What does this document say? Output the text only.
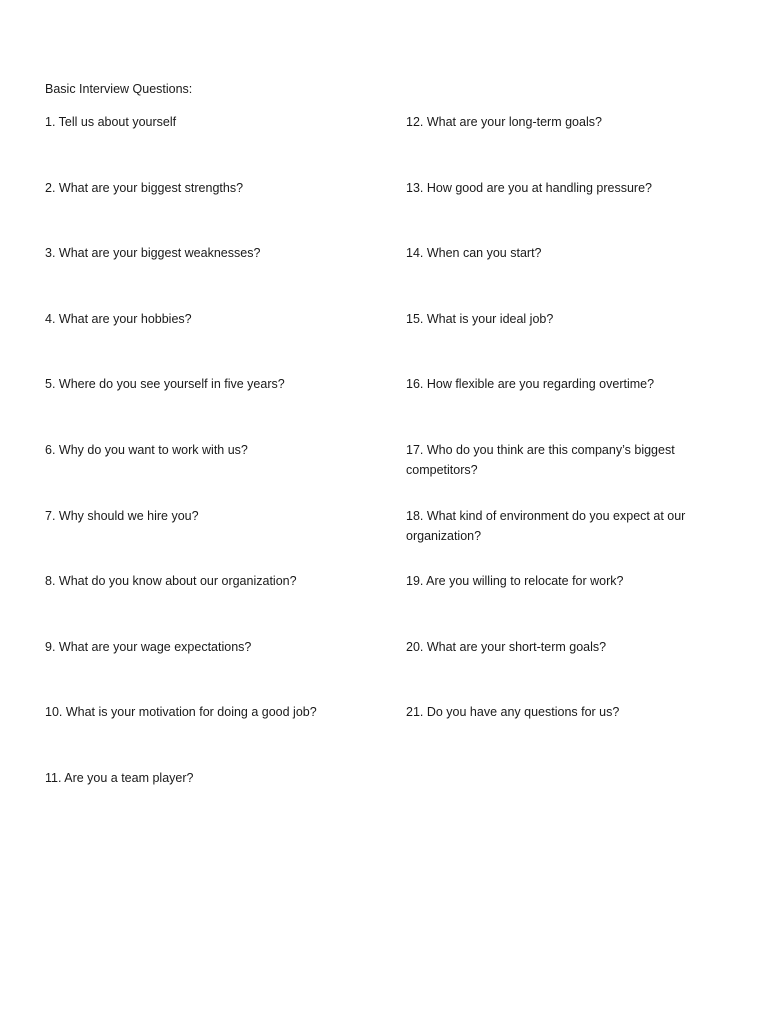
Basic Interview Questions:
1. Tell us about yourself
2. What are your biggest strengths?
3. What are your biggest weaknesses?
4. What are your hobbies?
5. Where do you see yourself in five years?
6. Why do you want to work with us?
7. Why should we hire you?
8. What do you know about our organization?
9. What are your wage expectations?
10. What is your motivation for doing a good job?
11. Are you a team player?
12. What are your long-term goals?
13. How good are you at handling pressure?
14. When can you start?
15. What is your ideal job?
16. How flexible are you regarding overtime?
17. Who do you think are this company’s biggest competitors?
18. What kind of environment do you expect at our organization?
19. Are you willing to relocate for work?
20. What are your short-term goals?
21. Do you have any questions for us?
